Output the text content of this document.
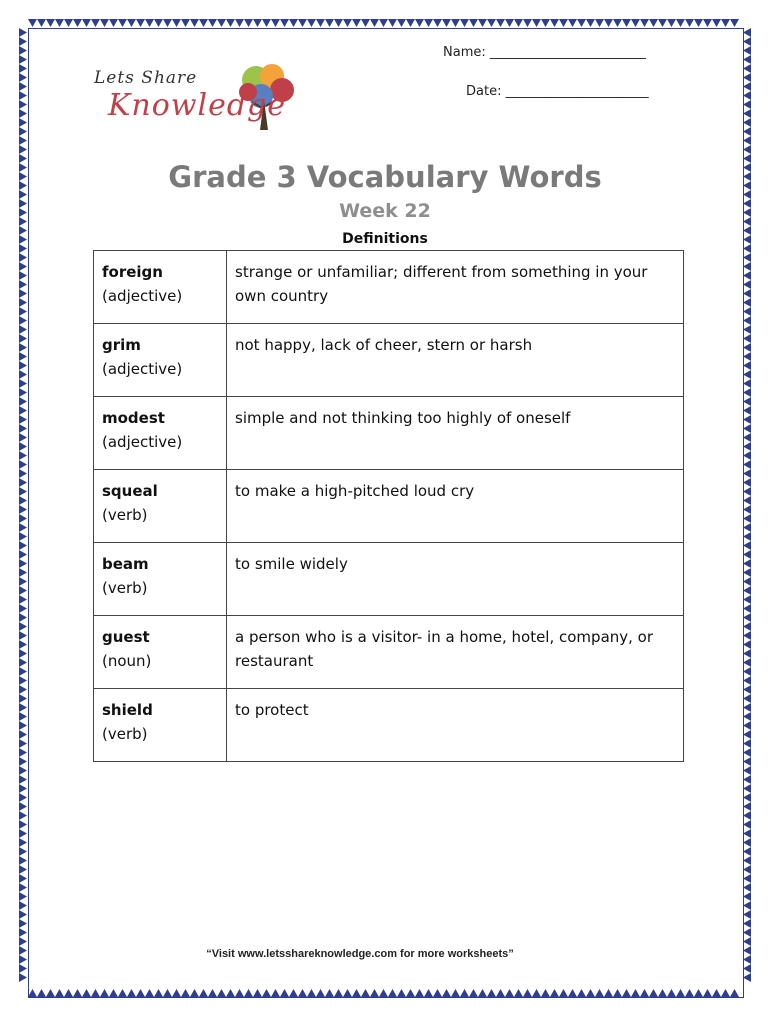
Name: ________________________
Date: ______________________
Lets Share
Knowledge
Grade 3 Vocabulary Words
Week 22
Definitions
foreign
(adjective)	strange or unfamiliar; different from something in your own country

grim
(adjective)	not happy, lack of cheer, stern or harsh

modest
(adjective)	simple and not thinking too highly of oneself

squeal
(verb)	to make a high-pitched loud cry

beam
(verb)	to smile widely

guest
(noun)	a person who is a visitor- in a home, hotel, company, or restaurant

shield
(verb)	to protect
“Visit www.letsshareknowledge.com for more worksheets”
